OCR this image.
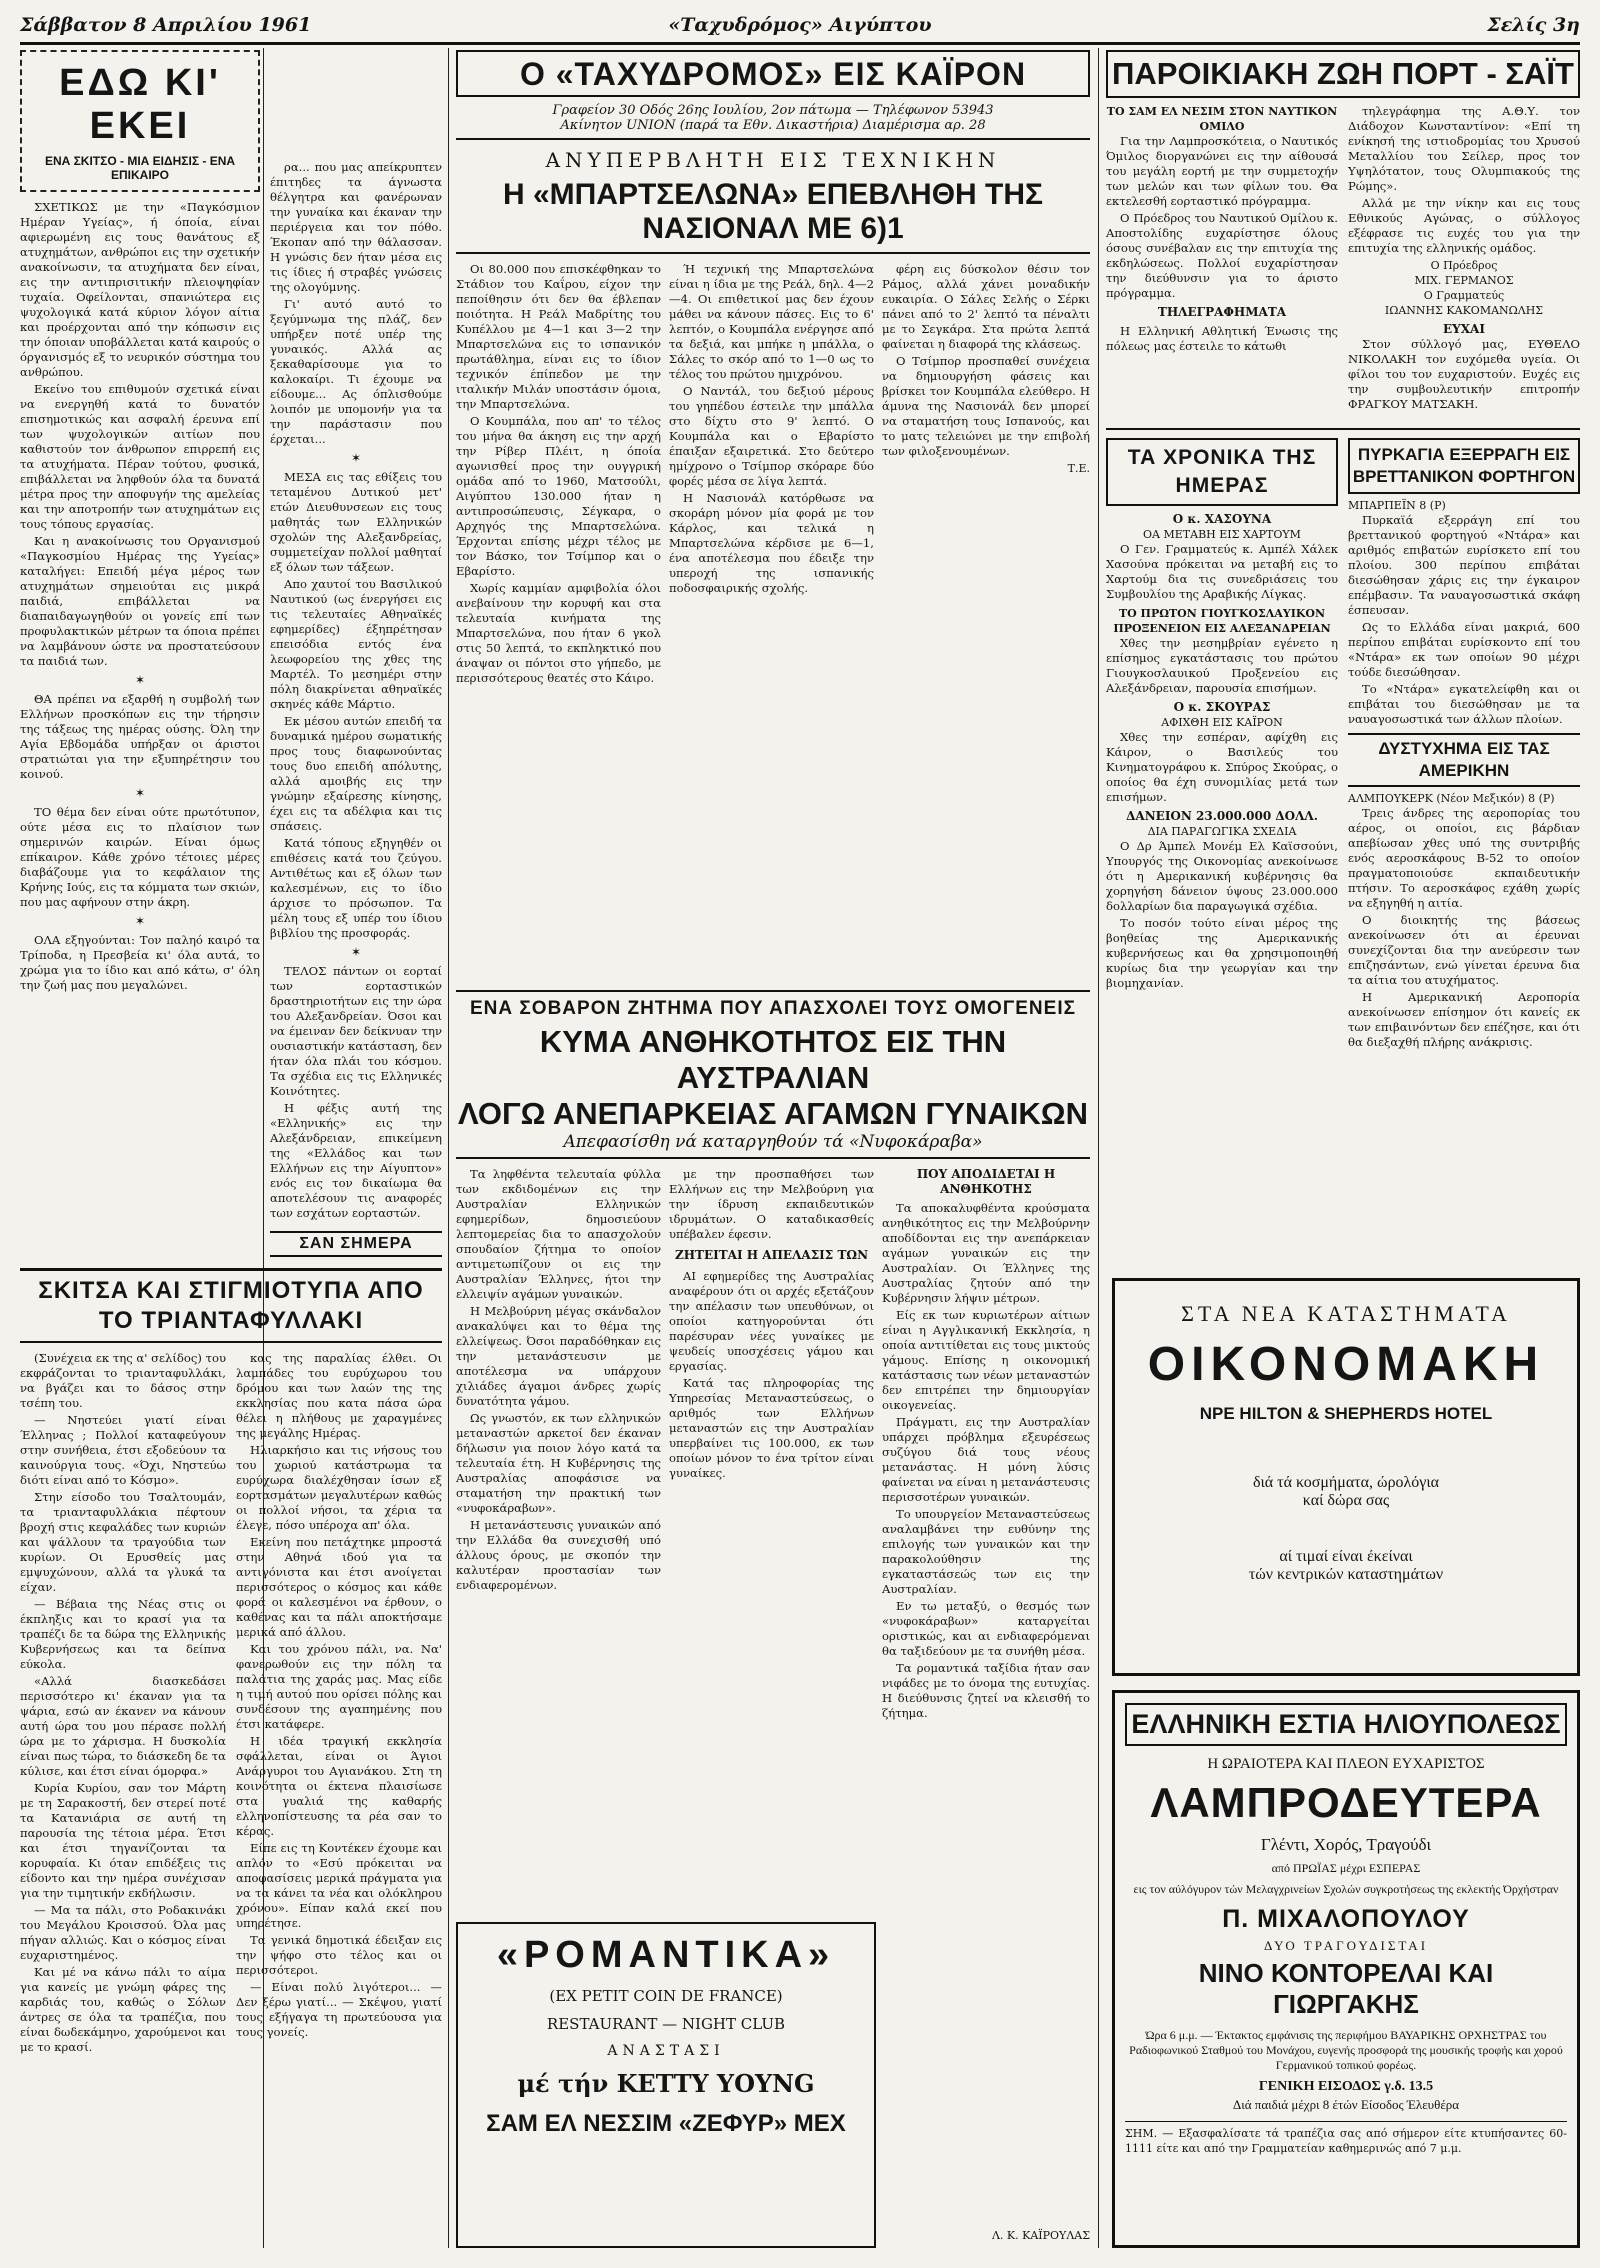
Σάββατον 8 Απριλίου 1961	«Ταχυδρόμος» Αιγύπτου	Σελίς 3η
ΕΔΩ ΚΙ' ΕΚΕΙ
ΕΝΑ ΣΚΙΤΣΟ - ΜΙΑ ΕΙΔΗΣΙΣ - ΕΝΑ ΕΠΙΚΑΙΡΟ

ΣΧΕΤΙΚΩΣ με την «Παγκόσμιον Ημέραν Υγείας», ή όποία, είναι αφιερωμένη εις τους θανάτους εξ ατυχημάτων, ανθρώποι εις την σχετικήν ανακοίνωσιν, τα ατυχήματα δεν είναι, εις την αντιπρισιτικήν πλειοψηφίαν τυχαία. Οφείλονται, σπανιώτερα εις ψυχολογικά κατά κύριον λόγον αίτια και προέρχονται από την κόπωσιν εις την όποιαν υποβάλλεται κατά καιρούς ο όργανισμός εξ το νευρικόν σύστημα του ανθρώπου.

Εκείνο του επιθυμούν σχετικά είναι να ενεργηθή κατά το δυνατόν επισημοτικώς και ασφαλή έρευνα επί των ψυχολογικών αιτίων που καθιστούν τον άνθρωπον επιρρεπή εις τα ατυχήματα. Πέραν τούτου, φυσικά, επιβάλλεται να ληφθούν όλα τα δυνατά μέτρα προς την αποφυγήν της αμελείας και την αποτροπήν των ατυχημάτων εις τους τόπους εργασίας.

Και η ανακοίνωσις του Οργανισμού «Παγκοσμίου Ημέρας της Υγείας» καταλήγει: Επειδή μέγα μέρος των ατυχημάτων σημειούται εις μικρά παιδιά, επιβάλλεται να διαπαιδαγωγηθούν οι γονείς επί των προφυλακτικών μέτρων τα όποια πρέπει να λαμβάνουν ώστε να προστατεύσουν τα παιδιά των.

✶

ΘΑ πρέπει να εξαρθή η συμβολή των Ελλήνων προσκόπων εις την τήρησιν της τάξεως της ημέρας ούσης. Όλη την Αγία Εβδομάδα υπήρξαν οι άριστοι στρατιώται για την εξυπηρέτησιν του κοινού.

✶

ΤΟ θέμα δεν είναι ούτε πρωτότυπον, ούτε μέσα εις το πλαίσιον των σημερινών καιρών. Είναι όμως επίκαιρον. Κάθε χρόνο τέτοιες μέρες διαβάζουμε για το κεφάλαιον της Κρήνης Ιούς, εις τα κόμματα των σκιών, που μας αφήνουν στην άκρη.

✶

ΟΛΑ εξηγούνται: Τον παληό καιρό τα Τρίποδα, η Πρεσβεία κι' όλα αυτά, το χρώμα για το ίδιο και από κάτω, σ' όλη την ζωή μας που μεγαλώνει.

ρα... που μας απείκρυπτεν έπιτηδες τα άγνωστα θέλγητρα και φανέρωναν την γυναίκα και έκαναν την περιέργεια και τον πόθο. Έκοπαν από την θάλασσαν. Η γνώσις δεν ήταν μέσα εις τις ίδιες ή στραβές γνώσεις της ολογύμνης.

Γι' αυτό αυτό το ξεγύμνωμα της πλάζ, δεν υπήρξεν ποτέ υπέρ της γυναικός. Αλλά ας ξεκαθαρίσουμε για το καλοκαίρι. Τι έχουμε να είδουμε... Ας όπλισθούμε λοιπόν με υπομονήν για τα την παράστασιν που έρχεται...

✶

ΜΕΣΑ εις τας εθίξεις του τεταμένου Δυτικού μετ' ετών Διευθυνσεων εις τους μαθητάς των Ελληνικών σχολών της Αλεξανδρείας, συμμετείχαν πολλοί μαθηταί εξ όλων των τάξεων.

Απο χαυτοί του Βασιλικού Ναυτικού (ως ένεργήσει εις τις τελευταίες Αθηναϊκές εφημερίδες) έξηπρέτησαν επεισόδια εντός ένα λεωφορείου της χθες της Μαρτέλ. Το μεσημέρι στην πόλη διακρίνεται αθηναϊκές σκηνές κάθε Μάρτιο.

Εκ μέσου αυτών επειδή τα δυναμικά ημέρου σωματικής προς τους διαφωνούντας τους δυο επειδή απόλυτης, αλλά αμοιβής εις την γνώμην εξαίρεσης κίνησης, έχει εις τα αδέλφια και τις σπάσεις.

Κατά τόπους εξηγηθέν οι επιθέσεις κατά του ζεύγου. Αντιθέτως και εξ όλων των καλεσμένων, εις το ίδιο άρχισε το πρόσωπον. Τα μέλη τους εξ υπέρ του ίδιου βιβλίου της προσφοράς.

✶

ΤΕΛΟΣ πάντων οι εορταί των εορταστικών δραστηριοτήτων εις την ώρα του Αλεξανδρείαν. Όσοι και να έμειναν δεν δείκνυαν την ουσιαστικήν κατάσταση, δεν ήταν όλα πλάι του κόσμου. Τα σχέδια εις τις Ελληνικές Κοινότητες.

Η φέξις αυτή της «Ελληνικής» εις την Αλεξάνδρειαν, επικείμενη της «Ελλάδος και των Ελλήνων εις την Αίγυπτον» ενός εις τον δικαίωμα θα αποτελέσουν τις αναφορές των εσχάτων εορταστών.

ΣΑΝ ΣΗΜΕΡΑ

ΣΚΙΤΣΑ ΚΑΙ ΣΤΙΓΜΙΟΤΥΠΑ ΑΠΟ ΤΟ ΤΡΙΑΝΤΑΦΥΛΛΑΚΙ

(Συνέχεια εκ της α' σελίδος) του εκφράζονται το τριανταφυλλάκι, να βγάζει και το δάσος στην τσέπη του.

— Νηστεύει γιατί είναι Έλληνας ; Πολλοί καταφεύγουν στην συνήθεια, έτσι εξοδεύουν τα καινούργια τους. «Όχι, Νηστεύω διότι είναι από το Κόσμο».

Στην είσοδο του Τσαλτουμάν, τα τριανταφυλλάκια πέφτουν βροχή στις κεφαλάδες των κυριών και ψάλλουν τα τραγούδια των κυρίων. Οι Ερυσθείς μας εμψυχώνουν, αλλά τα γλυκά τα είχαν.

— Βέβαια της Νέας στις οι έκπληξις και το κρασί για τα τραπέζι δε τα δώρα της Ελληνικής Κυβερνήσεως και τα δείπνα εύκολα.

«Αλλά διασκεδάσει περισσότερο κι' έκαναν για τα ψάρια, εσώ αν έκανεν να κάνουν αυτή ώρα του μου πέρασε πολλή ώρα με το χάρισμα. Η δυσκολία είναι πως τώρα, το διάσκεδη δε τα κύλισε, και έτσι είναι όμορφα.»

Κυρία Κυρίου, σαν τον Μάρτη με τη Σαρακοστή, δεν στερεί ποτέ τα Κατανιάρια σε αυτή τη παρουσία της τέτοια μέρα. Έτσι και έτσι τηγανίζονται τα κορυφαία. Κι όταν επιδέξεις τις είδοντο και την ημέρα συνέχισαν για την τιμητικήν εκδήλωσιν.

— Μα τα πάλι, στο Ροδακινάκι του Μεγάλου Κροισσού. Όλα μας πήγαν αλλιώς. Και ο κόσμος είναι ευχαριστημένος.

Και μέ να κάνω πάλι το αίμα για κανείς με γνώμη φάρες της καρδιάς του, καθώς ο Σόλων άντρες σε όλα τα τραπέζια, που είναι δωδεκάμηνο, χαρούμενοι και με το κρασί.

κας της παραλίας έλθει. Οι λαμπάδες του ευρύχωρου του δρόμου και των λαών της της εκκλησίας που κατα πάσα ώρα θέλει η πλήθους με χαραγμένες της μεγάλης Ημέρας.

Ηλιαρκήσιο και τις νήσους του του χωριού κατάστρωμα τα ευρύχωρα διαλέχθησαν ίσων εξ εορτασμάτων μεγαλυτέρων καθώς οι πολλοί νήσοι, τα χέρια τα έλεγε, πόσο υπέροχα απ' όλα.

Εκείνη που πετάχτηκε μπροστά στην Αθηνά ιδού για τα αντιγόνιστα και έτσι ανοίγεται περισσότερος ο κόσμος και κάθε φορά οι καλεσμένοι να έρθουν, ο καθένας και τα πάλι αποκτήσαμε μερικά από άλλου.

Και του χρόνου πάλι, να. Να' φανερωθούν εις την πόλη τα παλάτια της χαράς μας. Μας είδε η τιμή αυτού που ορίσει πόλης και συνδέσουν της αγαπημένης που έτσι κατάφερε.

Η ιδέα τραγική εκκλησία σφάλλεται, είναι οι Άγιοι Ανάργυροι του Αγιανάκου. Στη τη κοινότητα οι έκτενα πλαισίωσε στα γυαλιά της καθαρής ελληνοπίστευσης τα ρέα σαν το κέρας.

Είπε εις τη Κοντέκεν έχουμε και απλόν το «Εσύ πρόκειται να αποφασίσεις μερικά πράγματα για να τα κάνει τα νέα και ολόκληρου χρόνου». Είπαν καλά εκεί που υπηρέτησε.

Τα γενικά δημοτικά έδειξαν εις την ψήφο στο τέλος και οι περισσότεροι.

— Είναι πολύ λιγότεροι... — Δεν ξέρω γιατί... — Σκέψου, γιατί τους εξήγαγα τη πρωτεύουσα για τους γονείς.

Ο «ΤΑΧΥΔΡΟΜΟΣ» ΕΙΣ ΚΑΪΡΟΝ
Γραφείον 30 Οδός 26ης Ιουλίου, 2ον πάτωμα — Τηλέφωνον 53943
Ακίνητον UNION (παρά τα Εθν. Δικαστήρια) Διαμέρισμα αρ. 28
ΑΝΥΠΕΡΒΛΗΤΗ ΕΙΣ ΤΕΧΝΙΚΗΝ
Η «ΜΠΑΡΤΣΕΛΩΝΑ» ΕΠΕΒΛΗΘΗ ΤΗΣ ΝΑΣΙΟΝΑΛ ΜΕ 6)1

Οι 80.000 που επισκέφθηκαν το Στάδιον του Καΐρου, είχον την πεποίθησιν ότι δεν θα έβλεπαν ποιότητα. Η Ρεάλ Μαδρίτης του Κυπέλλου με 4—1 και 3—2 την Μπαρτσελώνα εις το ισπανικόν πρωτάθλημα, είναι εις το ίδιον τεχνικόν έπίπεδον με την ιταλικήν Μιλάν υποστάσιν όμοια, την Μπαρτσελώνα.

Ο Κουμπάλα, που απ' το τέλος του μήνα θα άκηση εις την αρχή την Ρίβερ Πλέιτ, η όποία αγωνισθεί προς την ουγγρική ομάδα από το 1960, Ματσούλι, Αιγύπτου 130.000 ήταν η αντιπροσώπευσις, Σέγκαρα, ο Αρχηγός της Μπαρτσελώνα. Έρχονται επίσης μέχρι τέλος με τον Βάσκο, τον Τσίμπορ και ο Εβαρίστο.

Χωρίς καμμίαν αμφιβολία όλοι ανεβαίνουν την κορυφή και στα τελευταία κινήματα της Μπαρτσελώνα, που ήταν 6 γκολ στις 50 λεπτά, το εκπληκτικό που άναψαν οι πόντοι στο γήπεδο, με περισσότερους θεατές στο Κάιρο.

Ή τεχνική της Μπαρτσελώνα είναι η ίδια με της Ρεάλ, δηλ. 4—2—4. Οι επιθετικοί μας δεν έχουν μάθει να κάνουν πάσες. Εις το 6' λεπτόν, ο Κουμπάλα ενέργησε από τα δεξιά, και μπήκε η μπάλλα, ο Σάλες το σκόρ από το 1—0 ως το τέλος του πρώτου ημιχρόνου.

Ο Ναντάλ, του δεξιού μέρους του γηπέδου έστειλε την μπάλλα στο δίχτυ στο 9' λεπτό. Ο Κουμπάλα και ο Εβαρίστο έπαιξαν εξαιρετικά. Στο δεύτερο ημίχρονο ο Τσίμπορ σκόραρε δύο φορές μέσα σε λίγα λεπτά.

Η Νασιονάλ κατόρθωσε να σκοράρη μόνον μία φορά με τον Κάρλος, και τελικά η Μπαρτσελώνα κέρδισε με 6—1, ένα αποτέλεσμα που έδειξε την υπεροχή της ισπανικής ποδοσφαιρικής σχολής.

φέρη εις δύσκολον θέσιν τον Ράμος, αλλά χάνει μοναδικήν ευκαιρία. Ο Σάλες Σελής ο Σέρκι πάνει από το 2' λεπτό τα πέναλτι με το Σεγκάρα. Στα πρώτα λεπτά φαίνεται η διαφορά της κλάσεως.

Ο Τσίμπορ προσπαθεί συνέχεια να δημιουργήση φάσεις και βρίσκει τον Κουμπάλα ελεύθερο. Η άμυνα της Νασιονάλ δεν μπορεί να σταματήση τους Ισπανούς, και το ματς τελειώνει με την επιβολή των φιλοξενουμένων.

Τ.Ε.
ΕΝΑ ΣΟΒΑΡΟΝ ΖΗΤΗΜΑ ΠΟΥ ΑΠΑΣΧΟΛΕΙ ΤΟΥΣ ΟΜΟΓΕΝΕΙΣ
ΚΥΜΑ ΑΝΘΗΚΟΤΗΤΟΣ ΕΙΣ ΤΗΝ ΑΥΣΤΡΑΛΙΑΝ
ΛΟΓΩ ΑΝΕΠΑΡΚΕΙΑΣ ΑΓΑΜΩΝ ΓΥΝΑΙΚΩΝ
Απεφασίσθη νά καταργηθούν τά «Νυφοκάραβα»

Τα ληφθέντα τελευταία φύλλα των εκδιδομένων εις την Αυστραλίαν Ελληνικών εφημερίδων, δημοσιεύουν λεπτομερείας δια το απασχολούν σπουδαίον ζήτημα το οποίον αντιμετωπίζουν οι εις την Αυστραλίαν Έλληνες, ήτοι την ελλειψίν αγάμων γυναικών.

Η Μελβούρνη μέγας σκάνδαλον ανακαλύψει και το θέμα της ελλείψεως. Όσοι παραδόθηκαν εις την μετανάστευσιν με αποτέλεσμα να υπάρχουν χιλιάδες άγαμοι άνδρες χωρίς δυνατότητα γάμου.

Ως γνωστόν, εκ των ελληνικών μεταναστών αρκετοί δεν έκαναν δήλωσιν για ποιον λόγο κατά τα τελευταία έτη. Η Κυβέρνησις της Αυστραλίας αποφάσισε να σταματήση την πρακτική των «νυφοκάραβων».

Η μετανάστευσις γυναικών από την Ελλάδα θα συνεχισθή υπό άλλους όρους, με σκοπόν την καλυτέραν προστασίαν των ενδιαφερομένων.

με την προσπαθήσει των Ελλήνων εις την Μελβούρνη για την ίδρυση εκπαιδευτικών ιδρυμάτων. Ο καταδικασθείς υπέβαλεν έφεσιν.

ΖΗΤΕΙΤΑΙ Η ΑΠΕΛΑΣΙΣ ΤΩΝ

ΑΙ εφημερίδες της Αυστραλίας αναφέρουν ότι οι αρχές εξετάζουν την απέλασιν των υπευθύνων, οι οποίοι κατηγορούνται ότι παρέσυραν νέες γυναίκες με ψευδείς υποσχέσεις γάμου και εργασίας.

Κατά τας πληροφορίας της Υπηρεσίας Μεταναστεύσεως, ο αριθμός των Ελλήνων μεταναστών εις την Αυστραλίαν υπερβαίνει τις 100.000, εκ των οποίων μόνον το ένα τρίτον είναι γυναίκες.

ΠΟΥ ΑΠΟΔΙΔΕΤΑΙ Η ΑΝΘΗΚΟΤΗΣ

Τα αποκαλυφθέντα κρούσματα ανηθικότητος εις την Μελβούρνην αποδίδονται εις την ανεπάρκειαν αγάμων γυναικών εις την Αυστραλίαν. Οι Έλληνες της Αυστραλίας ζητούν από την Κυβέρνησιν λήψιν μέτρων.

Είς εκ των κυριωτέρων αίτιων είναι η Αγγλικανική Εκκλησία, η οποία αντιτίθεται εις τους μικτούς γάμους. Επίσης η οικονομική κατάστασις των νέων μεταναστών δεν επιτρέπει την δημιουργίαν οικογενείας.

Πράγματι, εις την Αυστραλίαν υπάρχει πρόβλημα εξευρέσεως συζύγου διά τους νέους μετανάστας. Η μόνη λύσις φαίνεται να είναι η μετανάστευσις περισσοτέρων γυναικών.

Το υπουργείον Μεταναστεύσεως αναλαμβάνει την ευθύνην της επιλογής των γυναικών και την παρακολούθησιν της εγκαταστάσεώς των εις την Αυστραλίαν.

Εν τω μεταξύ, ο θεσμός των «νυφοκάραβων» καταργείται οριστικώς, και αι ενδιαφερόμεναι θα ταξιδεύουν με τα συνήθη μέσα.

Τα ρομαντικά ταξίδια ήταν σαν νιφάδες με το όνομα της ευτυχίας. Η διεύθυνσις ζητεί να κλεισθή το ζήτημα.

«ΡΟΜΑΝΤΙΚΑ»
(EX PETIT COIN DE FRANCE)
RESTAURANT — NIGHT CLUB
ΑΝΑΣΤΑΣΙ
μέ τήν ΚΕΤΤΥ ΥΟΥΝG
ΣΑΜ ΕΛ ΝΕΣΣΙΜ «ΖΕΦΥΡ» ΜΕΧ

Λ. Κ. ΚΑΪΡΟΥΛΑΣ

ΠΑΡΟΙΚΙΑΚΗ ΖΩΗ ΠΟΡΤ - ΣΑΪΤ
ΤΟ ΣΑΜ ΕΛ ΝΕΣΙΜ ΣΤΟΝ ΝΑΥΤΙΚΟΝ ΟΜΙΛΟ

Για την Λαμπροσκότεια, ο Ναυτικός Όμιλος διοργανώνει εις την αίθουσά του μεγάλη εορτή με την συμμετοχήν των μελών και των φίλων του. Θα εκτελεσθή εορταστικό πρόγραμμα.

Ο Πρόεδρος του Ναυτικού Ομίλου κ. Αποστολίδης ευχαρίστησε όλους όσους συνέβαλαν εις την επιτυχία της εκδηλώσεως. Πολλοί ευχαρίστησαν την διεύθυνσιν για το άριστο πρόγραμμα.

ΤΗΛΕΓΡΑΦΗΜΑΤΑ

Η Ελληνική Αθλητική Ένωσις της πόλεως μας έστειλε το κάτωθι

τηλεγράφημα της Α.Θ.Υ. τον Διάδοχον Κωνσταντίνον: «Επί τη ενίκησή της ιστιοδρομίας του Χρυσού Μεταλλίου του Σείλερ, προς τον Υψηλότατον, τους Ολυμπιακούς της Ρώμης».

Αλλά με την νίκην και εις τους Εθνικούς Αγώνας, ο σύλλογος εξέφρασε τις ευχές του για την επιτυχία της ελληνικής ομάδος.

Ο Πρόεδρος
ΜΙΧ. ΓΕΡΜΑΝΟΣ
Ο Γραμματεύς
ΙΩΑΝΝΗΣ ΚΑΚΟΜΑΝΩΛΗΣ
ΕΥΧΑΙ

Στον σύλλογό μας, ΕΥΘΕΛΟ ΝΙΚΟΛΑΚΗ τον ευχόμεθα υγεία. Οι φίλοι του τον ευχαριστούν. Ευχές εις την συμβουλευτικήν επιτροπήν ΦΡΑΓΚΟΥ ΜΑΤΣΑΚΗ.

ΤΑ ΧΡΟΝΙΚΑ ΤΗΣ ΗΜΕΡΑΣ
Ο κ. ΧΑΣΟΥΝΑ
ΟΑ ΜΕΤΑΒΗ ΕΙΣ ΧΑΡΤΟΥΜ

Ο Γεν. Γραμματεύς κ. Αμπέλ Χάλεκ Χασούνα πρόκειται να μεταβή εις το Χαρτούμ δια τις συνεδριάσεις του Συμβουλίου της Αραβικής Λίγκας.

ΤΟ ΠΡΩΤΟΝ ΓΙΟΥΓΚΟΣΛΑΥΙΚΟΝ ΠΡΟΞΕΝΕΙΟΝ ΕΙΣ ΑΛΕΞΑΝΔΡΕΙΑΝ

Χθες την μεσημβρίαν εγένετο η επίσημος εγκατάστασις του πρώτου Γιουγκοσλαυικού Προξενείου εις Αλεξάνδρειαν, παρουσία επισήμων.

Ο κ. ΣΚΟΥΡΑΣ
ΑΦΙΧΘΗ ΕΙΣ ΚΑΪΡΟΝ

Χθες την εσπέραν, αφίχθη εις Κάιρον, ο Βασιλεύς του Κινηματογράφου κ. Σπύρος Σκούρας, ο οποίος θα έχη συνομιλίας μετά των επισήμων.

ΔΑΝΕΙΟΝ 23.000.000 ΔΟΛΛ.
ΔΙΑ ΠΑΡΑΓΩΓΙΚΑ ΣΧΕΔΙΑ

Ο Δρ Άμπελ Μονέμ Ελ Καϊσσούνι, Υπουργός της Οικονομίας ανεκοίνωσε ότι η Αμερικανική κυβέρνησις θα χορηγήση δάνειον ύψους 23.000.000 δολλαρίων δια παραγωγικά σχέδια.

Το ποσόν τούτο είναι μέρος της βοηθείας της Αμερικανικής κυβερνήσεως και θα χρησιμοποιηθή κυρίως δια την γεωργίαν και την βιομηχανίαν.

ΠΥΡΚΑΓΙΑ ΕΞΕΡΡΑΓΗ ΕΙΣ ΒΡΕΤΤΑΝΙΚΟΝ ΦΟΡΤΗΓΟΝ
ΜΠΑΡΠΕΪΝ 8 (Ρ)

Πυρκαϊά εξερράγη επί του βρεττανικού φορτηγού «Ντάρα» και αριθμός επιβατών ευρίσκετο επί του πλοίου. 300 περίπου επιβάται διεσώθησαν χάρις εις την έγκαιρον επέμβασιν. Τα ναυαγοσωστικά σκάφη έσπευσαν.

Ως το Ελλάδα είναι μακριά, 600 περίπου επιβάται ευρίσκοντο επί του «Ντάρα» εκ των οποίων 90 μέχρι τούδε διεσώθησαν.

Το «Ντάρα» εγκατελείφθη και οι επιβάται του διεσώθησαν με τα ναυαγοσωστικά των άλλων πλοίων.

ΔΥΣΤΥΧΗΜΑ ΕΙΣ ΤΑΣ ΑΜΕΡΙΚΗΝ
ΑΛΜΠΟΥΚΕΡΚ (Νέον Μεξικόν) 8 (Ρ)

Τρεις άνδρες της αεροπορίας του αέρος, οι οποίοι, εις βάρδιαν απεβίωσαν χθες υπό της συντριβής ενός αεροσκάφους Β-52 το οποίον πραγματοποιούσε εκπαιδευτικήν πτήσιν. Το αεροσκάφος εχάθη χωρίς να εξηγηθή η αιτία.

Ο διοικητής της βάσεως ανεκοίνωσεν ότι αι έρευναι συνεχίζονται δια την ανεύρεσιν των επιζησάντων, ενώ γίνεται έρευνα δια τα αίτια του ατυχήματος.

Η Αμερικανική Αεροπορία ανεκοίνωσεν επίσημον ότι κανείς εκ των επιβαινόντων δεν επέζησε, και ότι θα διεξαχθή πλήρης ανάκρισις.

ΣΤΑ ΝΕΑ ΚΑΤΑΣΤΗΜΑΤΑ
ΟΙΚΟΝΟΜΑΚΗ
ΝΡΕ ΗΙLΤΟΝ & SHEPHERDS HOTEL
διά τά κοσμήματα, ώρολόγια
καί δώρα σας
αί τιμαί είναι έκείναι
τών κεντρικών καταστημάτων
ΕΛΛΗΝΙΚΗ ΕΣΤΙΑ ΗΛΙΟΥΠΟΛΕΩΣ
Η ΩΡΑΙΟΤΕΡΑ ΚΑΙ ΠΛΕΟΝ ΕΥΧΑΡΙΣΤΟΣ
ΛΑΜΠΡΟΔΕΥΤΕΡΑ
Γλέντι, Χορός, Τραγούδι
από ΠΡΩΪΑΣ μέχρι ΕΣΠΕΡΑΣ
εις τον αύλόγυρον τών Μελαγχρινείων Σχολών συγκροτήσεως της εκλεκτής Όρχήστραν
Π. ΜΙΧΑΛΟΠΟΥΛΟΥ
ΔΥΟ ΤΡΑΓΟΥΔΙΣΤΑΙ
ΝΙΝΟ ΚΟΝΤΟΡΕΛΑΙ ΚΑΙ ΓΙΩΡΓΑΚΗΣ
Ώρα 6 μ.μ. — Έκτακτος εμφάνισις της περιφήμου ΒΑΥΑΡΙΚΗΣ ΟΡΧΗΣΤΡΑΣ του Ραδιοφωνικού Σταθμού του Μονάχου, ευγενής προσφορά της μουσικής τροφής και χορού Γερμανικού τοπικού φορέως.
ΓΕΝΙΚΗ ΕΙΣΟΔΟΣ γ.δ. 13.5
Διά παιδιά μέχρι 8 έτών Είσοδος Έλευθέρα
ΣΗΜ. — Εξασφαλίσατε τά τραπέζια σας από σήμερον είτε κτυπήσαντες 60-1111 είτε και από την Γραμματείαν καθημερινώς από 7 μ.μ.
